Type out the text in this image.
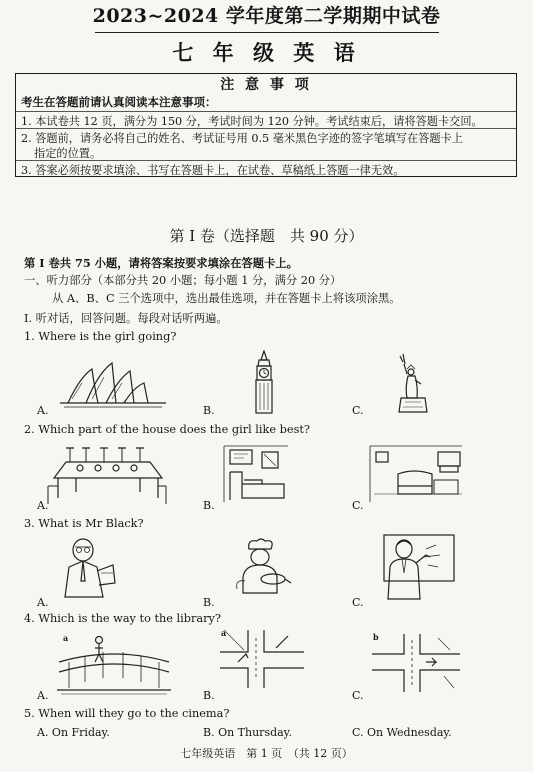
2023~2024 学年度第二学期期中试卷
七 年 级 英 语
注 意 事 项
考生在答题前请认真阅读本注意事项：
1. 本试卷共 12 页，满分为 150 分，考试时间为 120 分钟。考试结束后，请将答题卡交回。
2. 答题前，请务必将自己的姓名、考试证号用 0.5 毫米黑色字迹的签字笔填写在答题卡上
指定的位置。
3. 答案必须按要求填涂、书写在答题卡上，在试卷、草稿纸上答题一律无效。
第 I 卷（选择题　共 90 分）
第 I 卷共 75 小题，请将答案按要求填涂在答题卡上。
一、听力部分（本部分共 20 小题；每小题 1 分，满分 20 分）
从 A、B、C 三个选项中，选出最佳选项，并在答题卡上将该项涂黑。
I. 听对话，回答问题。每段对话听两遍。
1. Where is the girl going?
A.	B.	C.
2. Which part of the house does the girl like best?
A.	B.	C.
3. What is Mr Black?
A.	B.	C.
4. Which is the way to the library?
A.	B.	C.
a	a	b
5. When will they go to the cinema?
A. On Friday.	B. On Thursday.	C. On Wednesday.
七年级英语　第 1 页　（共 12 页）
